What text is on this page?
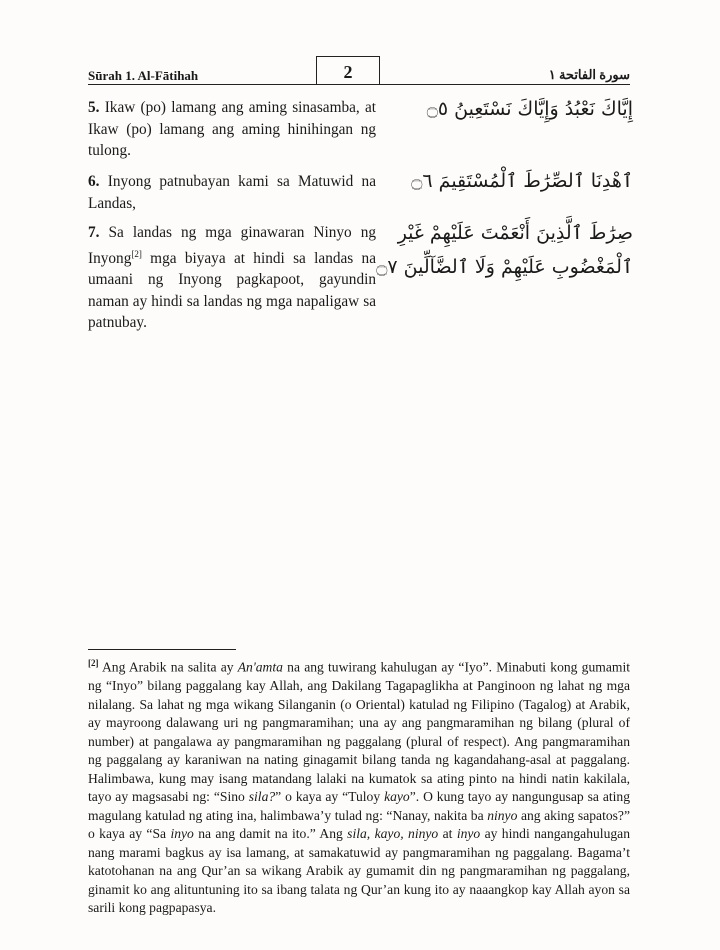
Sūrah 1. Al-Fātihah	2	سورة الفاتحة ١
5. Ikaw (po) lamang ang aming sinasamba, at Ikaw (po) lamang ang aming hinihingan ng tulong.
إِيَّاكَ نَعْبُدُ وَإِيَّاكَ نَسْتَعِينُ ۝٥
6. Inyong patnubayan kami sa Matuwid na Landas,
ٱهْدِنَا ٱلصِّرَٰطَ ٱلْمُسْتَقِيمَ ۝٦
7. Sa landas ng mga ginawaran Ninyo ng Inyong[2] mga biyaya at hindi sa landas na umaani ng Inyong pagkapoot, gayundin naman ay hindi sa landas ng mga napaligaw sa patnubay.
صِرَٰطَ ٱلَّذِينَ أَنْعَمْتَ عَلَيْهِمْ غَيْرِ
ٱلْمَغْضُوبِ عَلَيْهِمْ وَلَا ٱلضَّآلِّينَ ۝٧
[2] Ang Arabik na salita ay An'amta na ang tuwirang kahulugan ay “Iyo”. Minabuti kong gumamit ng “Inyo” bilang paggalang kay Allah, ang Dakilang Tagapaglikha at Panginoon ng lahat ng mga nilalang. Sa lahat ng mga wikang Silanganin (o Oriental) katulad ng Filipino (Tagalog) at Arabik, ay mayroong dalawang uri ng pangmaramihan; una ay ang pangmaramihan ng bilang (plural of number) at pangalawa ay pangmaramihan ng paggalang (plural of respect). Ang pangmaramihan ng paggalang ay karaniwan na nating ginagamit bilang tanda ng kagandahang-asal at paggalang. Halimbawa, kung may isang matandang lalaki na kumatok sa ating pinto na hindi natin kakilala, tayo ay magsasabi ng: “Sino sila?” o kaya ay “Tuloy kayo”. O kung tayo ay nangungusap sa ating magulang katulad ng ating ina, halimbawa’y tulad ng: “Nanay, nakita ba ninyo ang aking sapatos?” o kaya ay “Sa inyo na ang damit na ito.” Ang sila, kayo, ninyo at inyo ay hindi nangangahulugan nang marami bagkus ay isa lamang, at samakatuwid ay pangmaramihan ng paggalang. Bagama’t katotohanan na ang Qur’an sa wikang Arabik ay gumamit din ng pangmaramihan ng paggalang, ginamit ko ang alituntuning ito sa ibang talata ng Qur’an kung ito ay naaangkop kay Allah ayon sa sarili kong pagpapasya.
